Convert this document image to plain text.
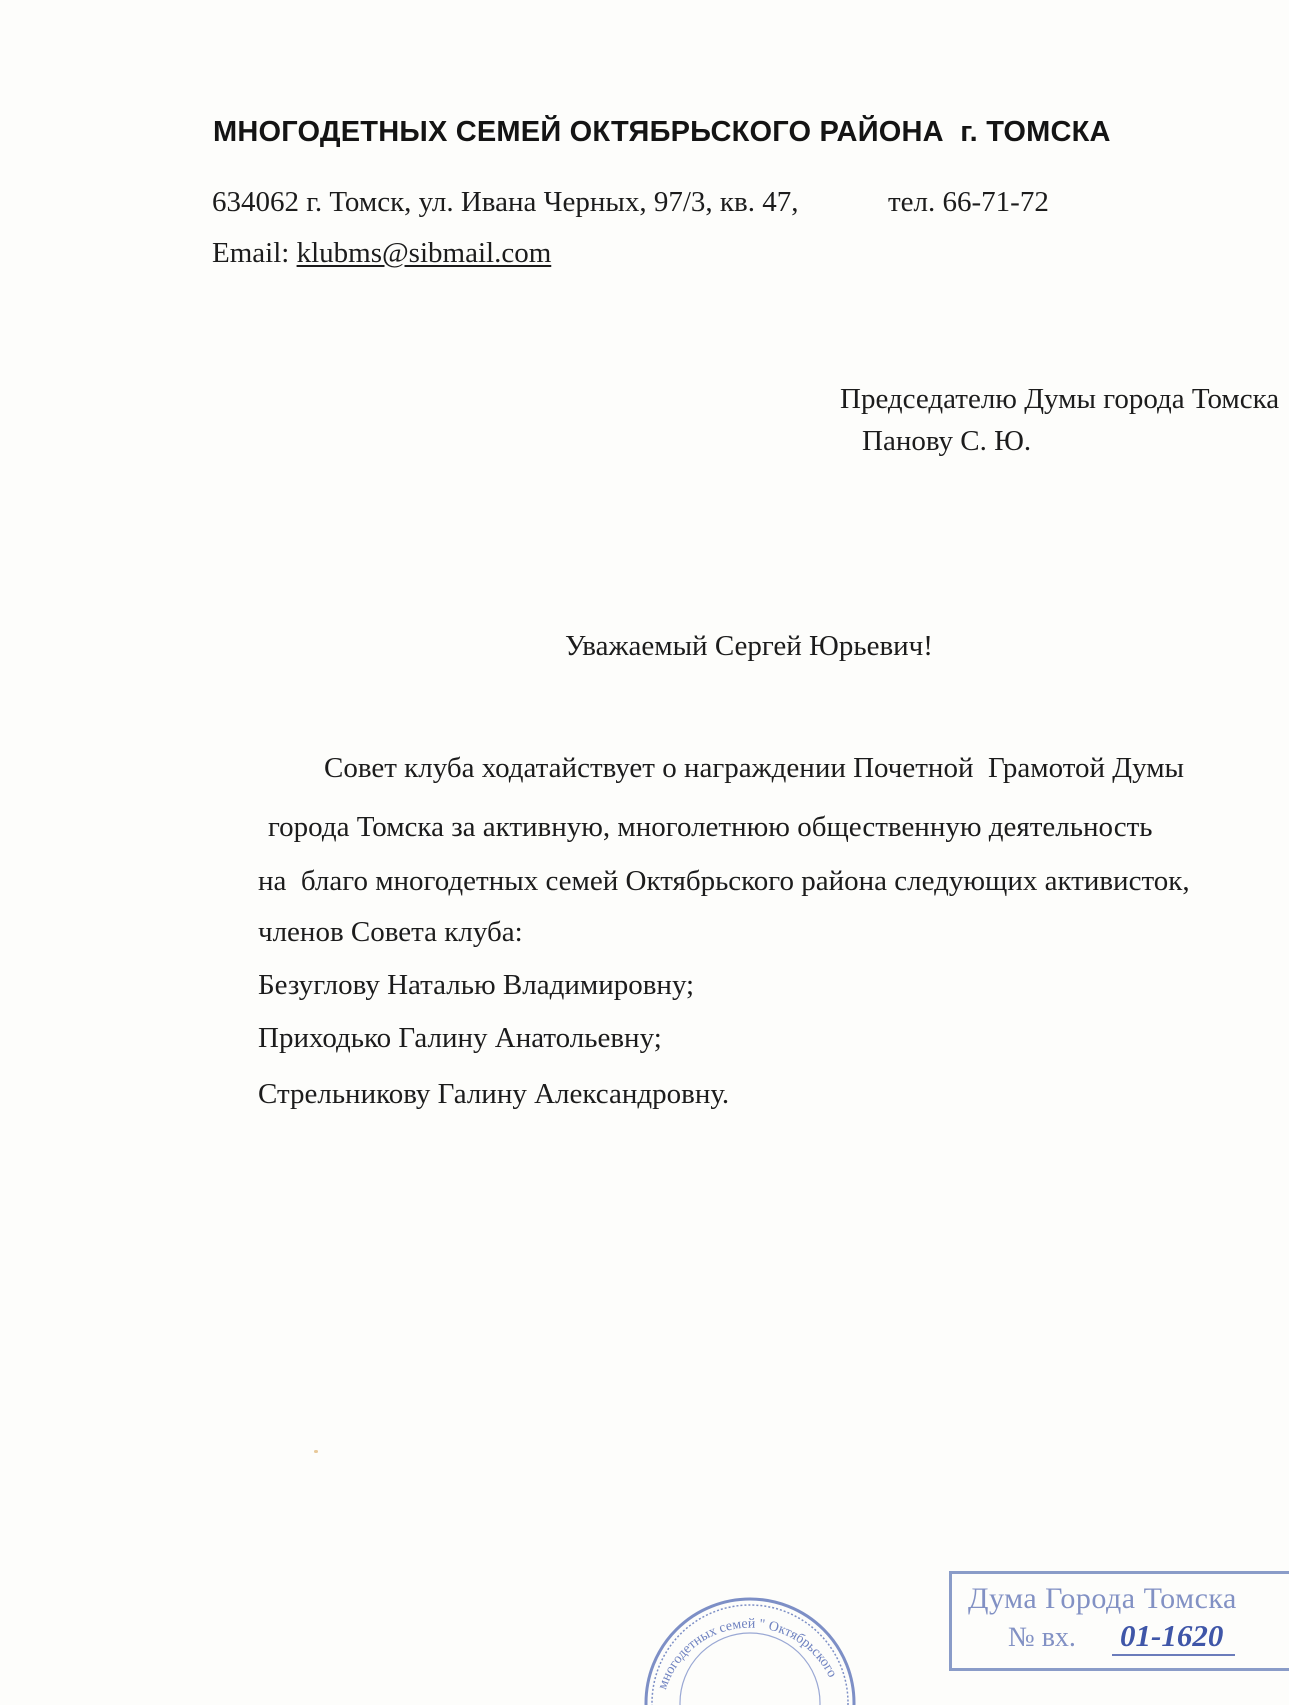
МНОГОДЕТНЫХ СЕМЕЙ ОКТЯБРЬСКОГО РАЙОНА  г. ТОМСКА
634062 г. Томск, ул. Ивана Черных, 97/3, кв. 47,	тел. 66-71-72
Email: klubms@sibmail.com
Председателю Думы города Томска
Панову С. Ю.
Уважаемый Сергей Юрьевич!
Совет клуба ходатайствует о награждении Почетной  Грамотой Думы
города Томска за активную, многолетнюю общественную деятельность
на  благо многодетных семей Октябрьского района следующих активисток,
членов Совета клуба:
Безуглову Наталью Владимировну;
Приходько Галину Анатольевну;
Стрельникову Галину Александровну.
многодетных семей " Октябрьского
Дума Города Томска
№ вх. 01-1620
